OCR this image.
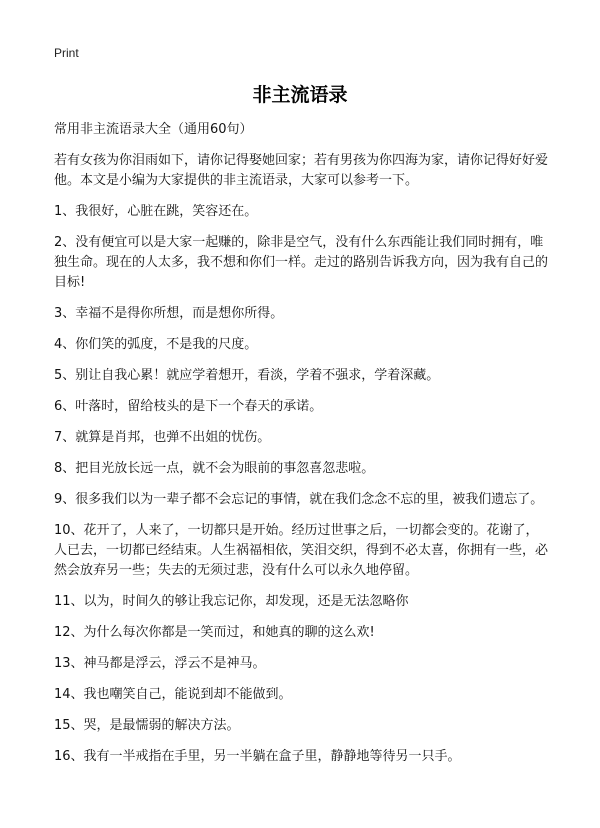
Print
非主流语录

常用非主流语录大全（通用60句）

若有女孩为你泪雨如下，请你记得娶她回家；若有男孩为你四海为家，请你记得好好爱他。本文是小编为大家提供的非主流语录，大家可以参考一下。

1、我很好，心脏在跳，笑容还在。
2、没有便宜可以是大家一起赚的，除非是空气，没有什么东西能让我们同时拥有，唯独生命。现在的人太多，我不想和你们一样。走过的路别告诉我方向，因为我有自己的目标!
3、幸福不是得你所想，而是想你所得。
4、你们笑的弧度，不是我的尺度。
5、别让自我心累！就应学着想开，看淡，学着不强求，学着深藏。
6、叶落时，留给枝头的是下一个春天的承诺。
7、就算是肖邦，也弹不出姐的忧伤。
8、把目光放长远一点，就不会为眼前的事忽喜忽悲啦。
9、很多我们以为一辈子都不会忘记的事情，就在我们念念不忘的里，被我们遗忘了。
10、花开了，人来了，一切都只是开始。经历过世事之后，一切都会变的。花谢了，人已去，一切都已经结束。人生祸福相依，笑泪交织，得到不必太喜，你拥有一些，必然会放弃另一些；失去的无须过悲，没有什么可以永久地停留。
11、以为，时间久的够让我忘记你，却发现，还是无法忽略你
12、为什么每次你都是一笑而过，和她真的聊的这么欢!
13、神马都是浮云，浮云不是神马。
14、我也嘲笑自己，能说到却不能做到。
15、哭，是最懦弱的解决方法。
16、我有一半戒指在手里，另一半躺在盒子里，静静地等待另一只手。
